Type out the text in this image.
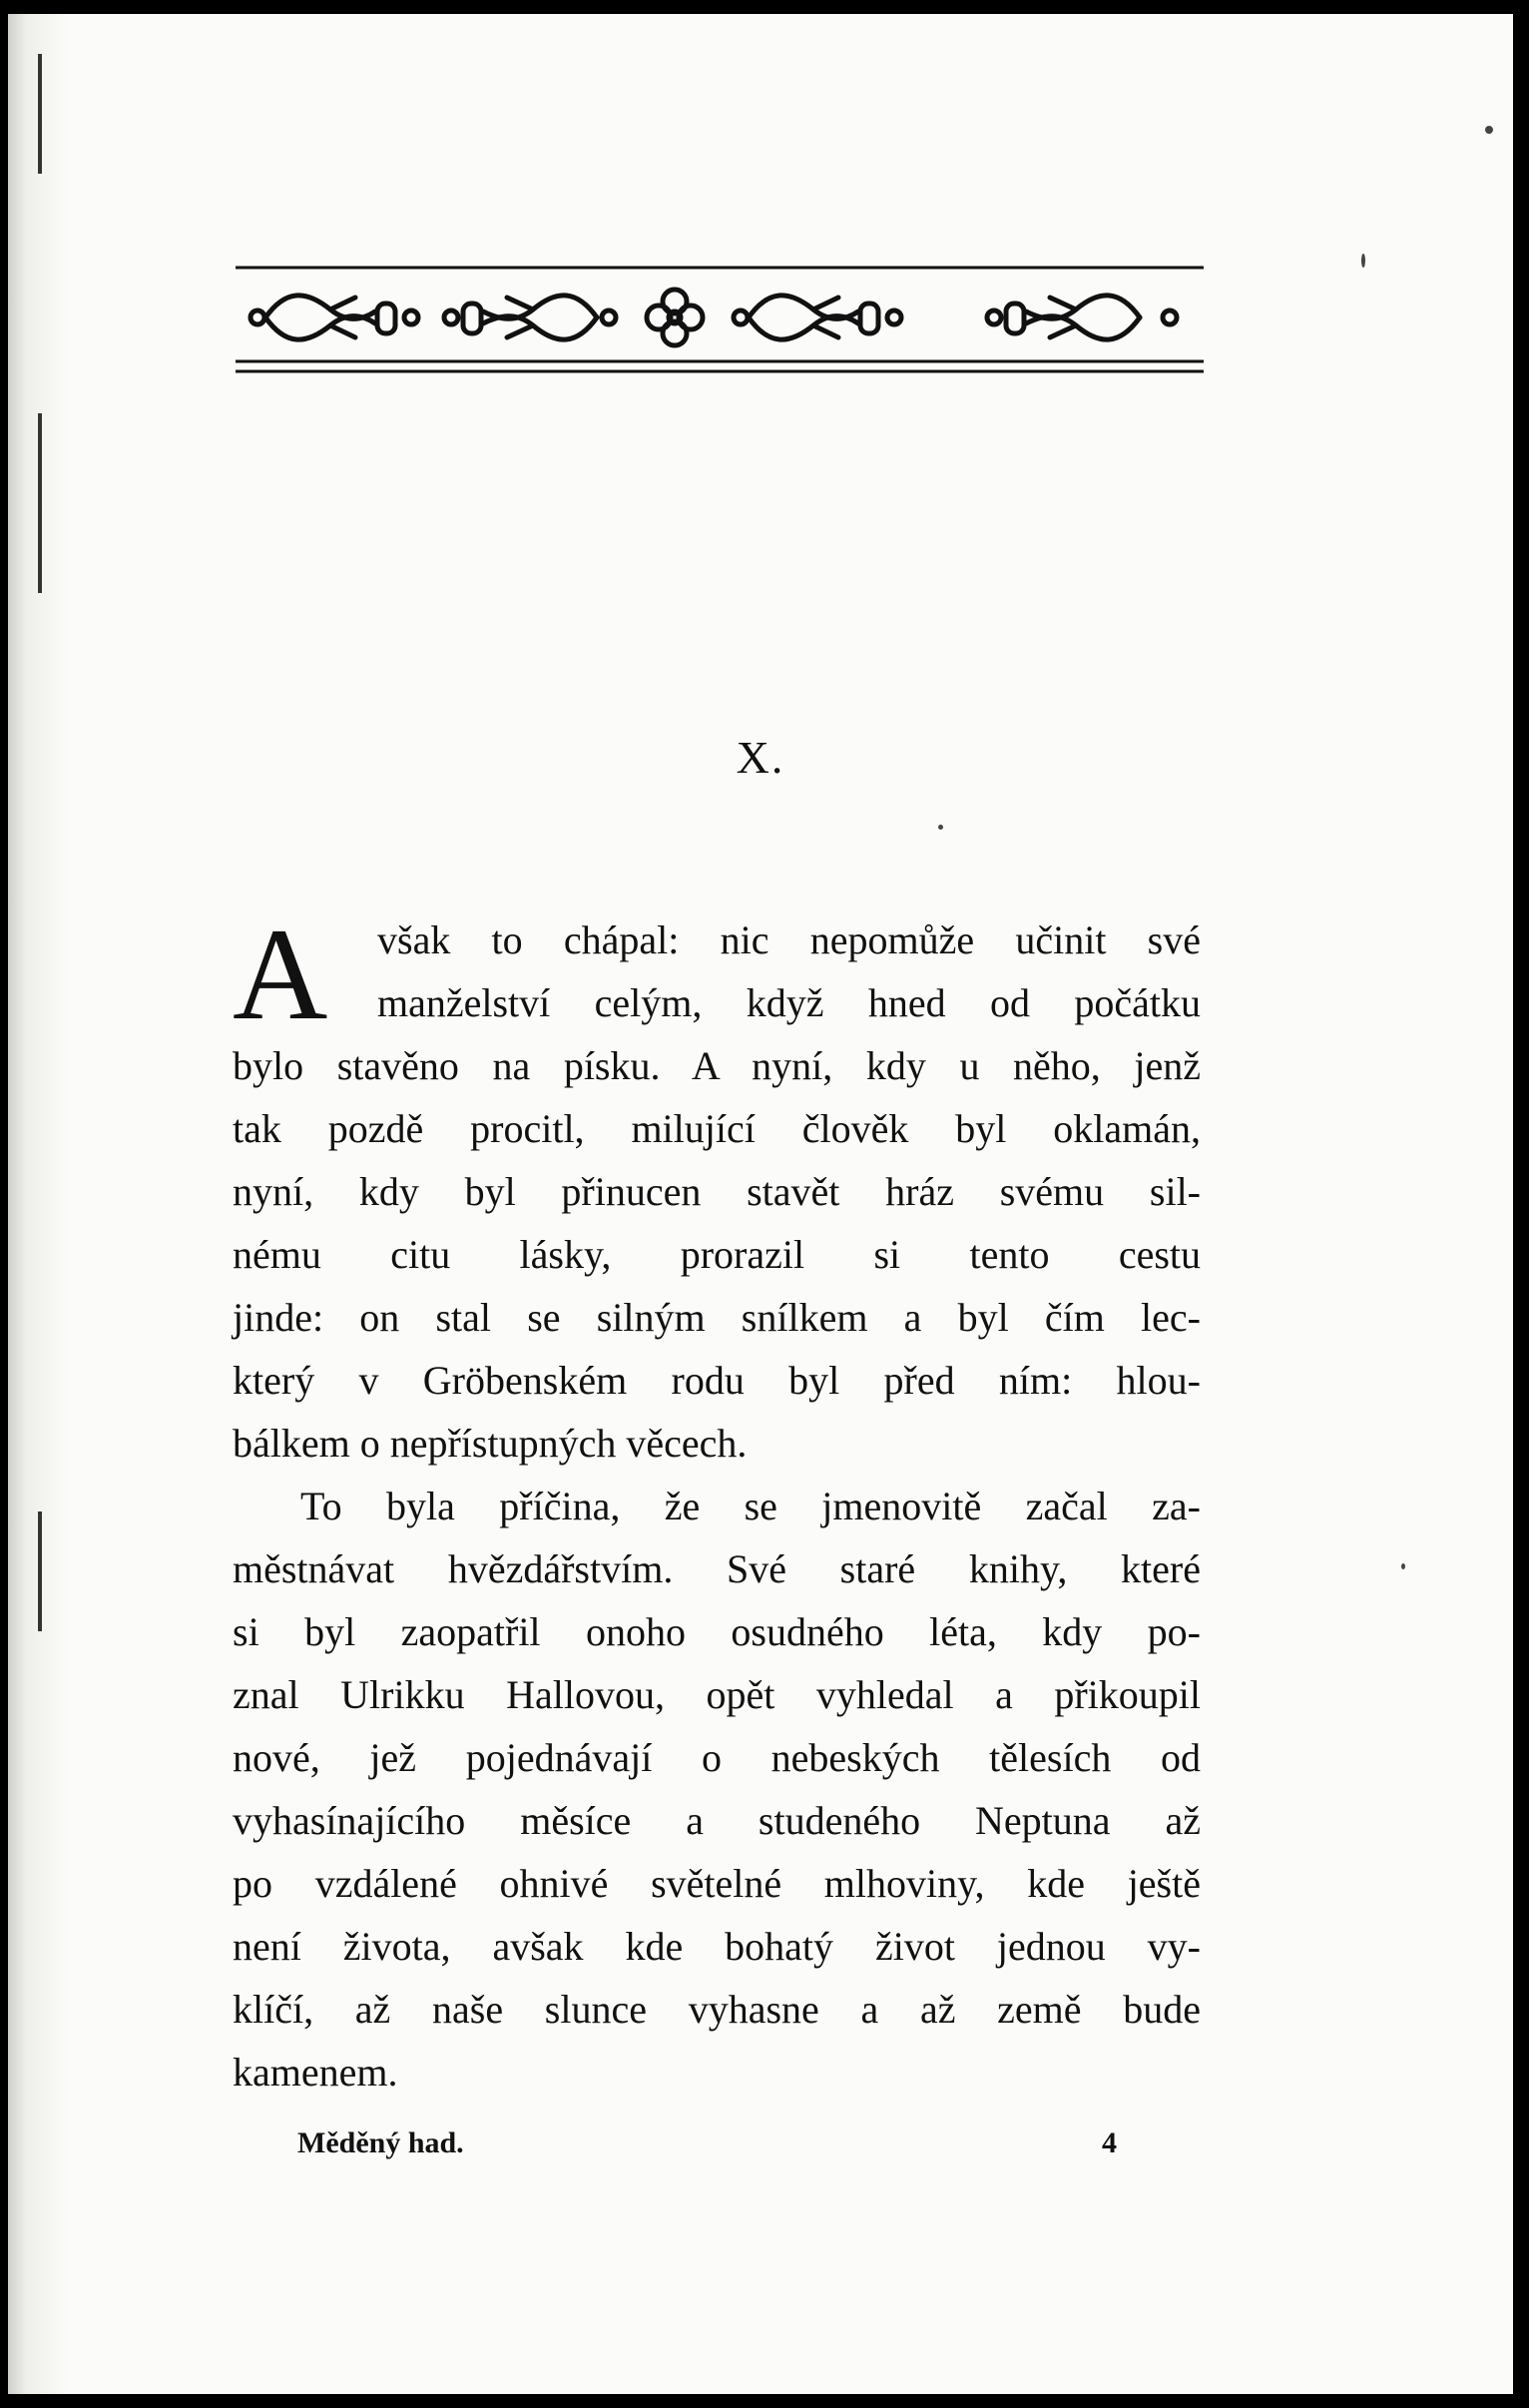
X.
A	však to chápal: nic nepomůže učinit své
manželství celým, když hned od počátku
bylo stavěno na písku. A nyní, kdy u něho, jenž
tak pozdě procitl, milující člověk byl oklamán,
nyní, kdy byl přinucen stavět hráz svému sil-
nému citu lásky, prorazil si tento cestu
jinde: on stal se silným snílkem a byl čím lec-
který v Gröbenském rodu byl před ním: hlou-
bálkem o nepřístupných věcech.
To byla příčina, že se jmenovitě začal za-
městnávat hvězdářstvím. Své staré knihy, které
si byl zaopatřil onoho osudného léta, kdy po-
znal Ulrikku Hallovou, opět vyhledal a přikoupil
nové, jež pojednávají o nebeských tělesích od
vyhasínajícího měsíce a studeného Neptuna až
po vzdálené ohnivé světelné mlhoviny, kde ještě
není života, avšak kde bohatý život jednou vy-
klíčí, až naše slunce vyhasne a až země bude
kamenem.
Měděný had.	4
